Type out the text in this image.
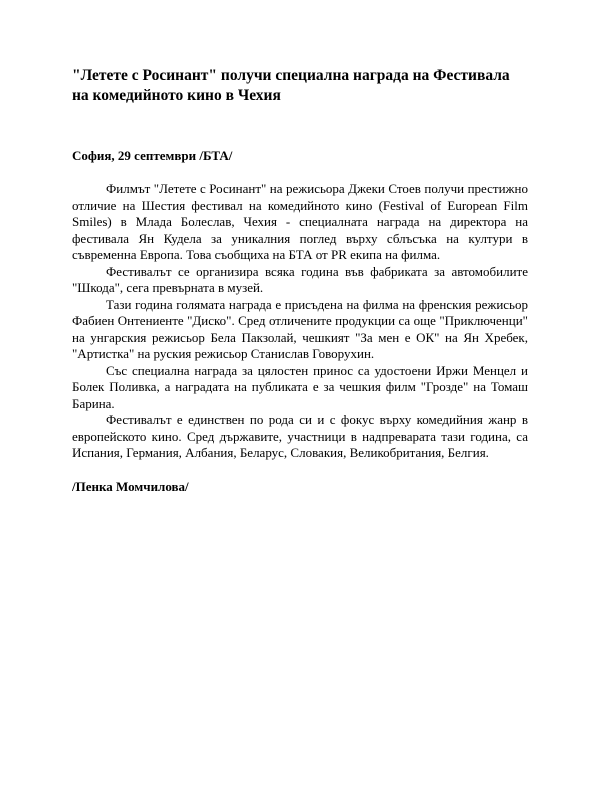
"Летете с Росинант" получи специална награда на Фестивала на комедийното кино в Чехия

София, 29 септември /БТА/

Филмът "Летете с Росинант" на режисьора Джеки Стоев получи престижно отличие на Шестия фестивал на комедийното кино (Festival of European Film Smiles) в Млада Болеслав, Чехия - специалната награда на директора на фестивала Ян Кудела за уникалния поглед върху сблъсъка на култури в съвременна Европа. Това съобщиха на БТА от PR екипа на филма.

Фестивалът се организира всяка година във фабриката за автомобилите "Шкода", сега превърната в музей.

Тази година голямата награда е присъдена на филма на френския режисьор Фабиен Онтениенте "Диско". Сред отличените продукции са още "Приключенци" на унгарския режисьор Бела Пакзолай, чешкият "За мен е ОК" на Ян Хребек, "Артистка" на руския режисьор Станислав Говорухин.

Със специална награда за цялостен принос са удостоени Иржи Менцел и Болек Поливка, а наградата на публиката е за чешкия филм "Грозде" на Томаш Барина.

Фестивалът е единствен по рода си и с фокус върху комедийния жанр в европейското кино. Сред държавите, участници в надпреварата тази година, са Испания, Германия, Албания, Беларус, Словакия, Великобритания, Белгия.

/Пенка Момчилова/
